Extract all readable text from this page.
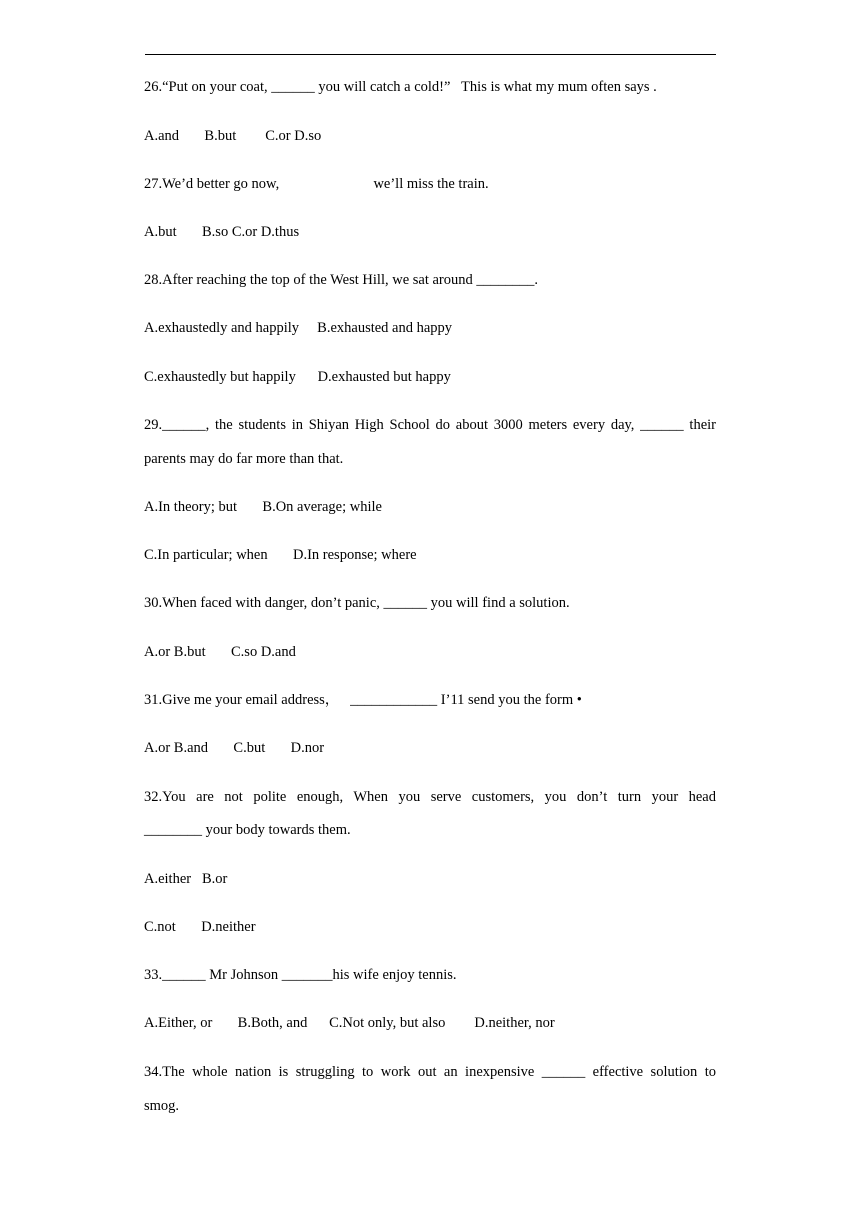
26.“Put on your coat, ______ you will catch a cold!”   This is what my mum often says .
A.and       B.but        C.or D.so
27.We’d better go now,                          we’ll miss the train.
A.but       B.so C.or D.thus
28.After reaching the top of the West Hill, we sat around ________.
A.exhaustedly and happily     B.exhausted and happy
C.exhaustedly but happily      D.exhausted but happy
29.______, the students in Shiyan High School do about 3000 meters every day, ______ their
parents may do far more than that.
A.In theory; but       B.On average; while
C.In particular; when       D.In response; where
30.When faced with danger, don’t panic, ______ you will find a solution.
A.or B.but       C.so D.and
31.Give me your email address，   ____________ I’11 send you the form •
A.or B.and       C.but       D.nor
32.You are not polite enough, When you serve customers, you don’t turn your head
________ your body towards them.
A.either   B.or
C.not       D.neither
33.______ Mr Johnson _______his wife enjoy tennis.
A.Either, or       B.Both, and      C.Not only, but also        D.neither, nor
34.The whole nation is struggling to work out an inexpensive ______ effective solution to
smog.
